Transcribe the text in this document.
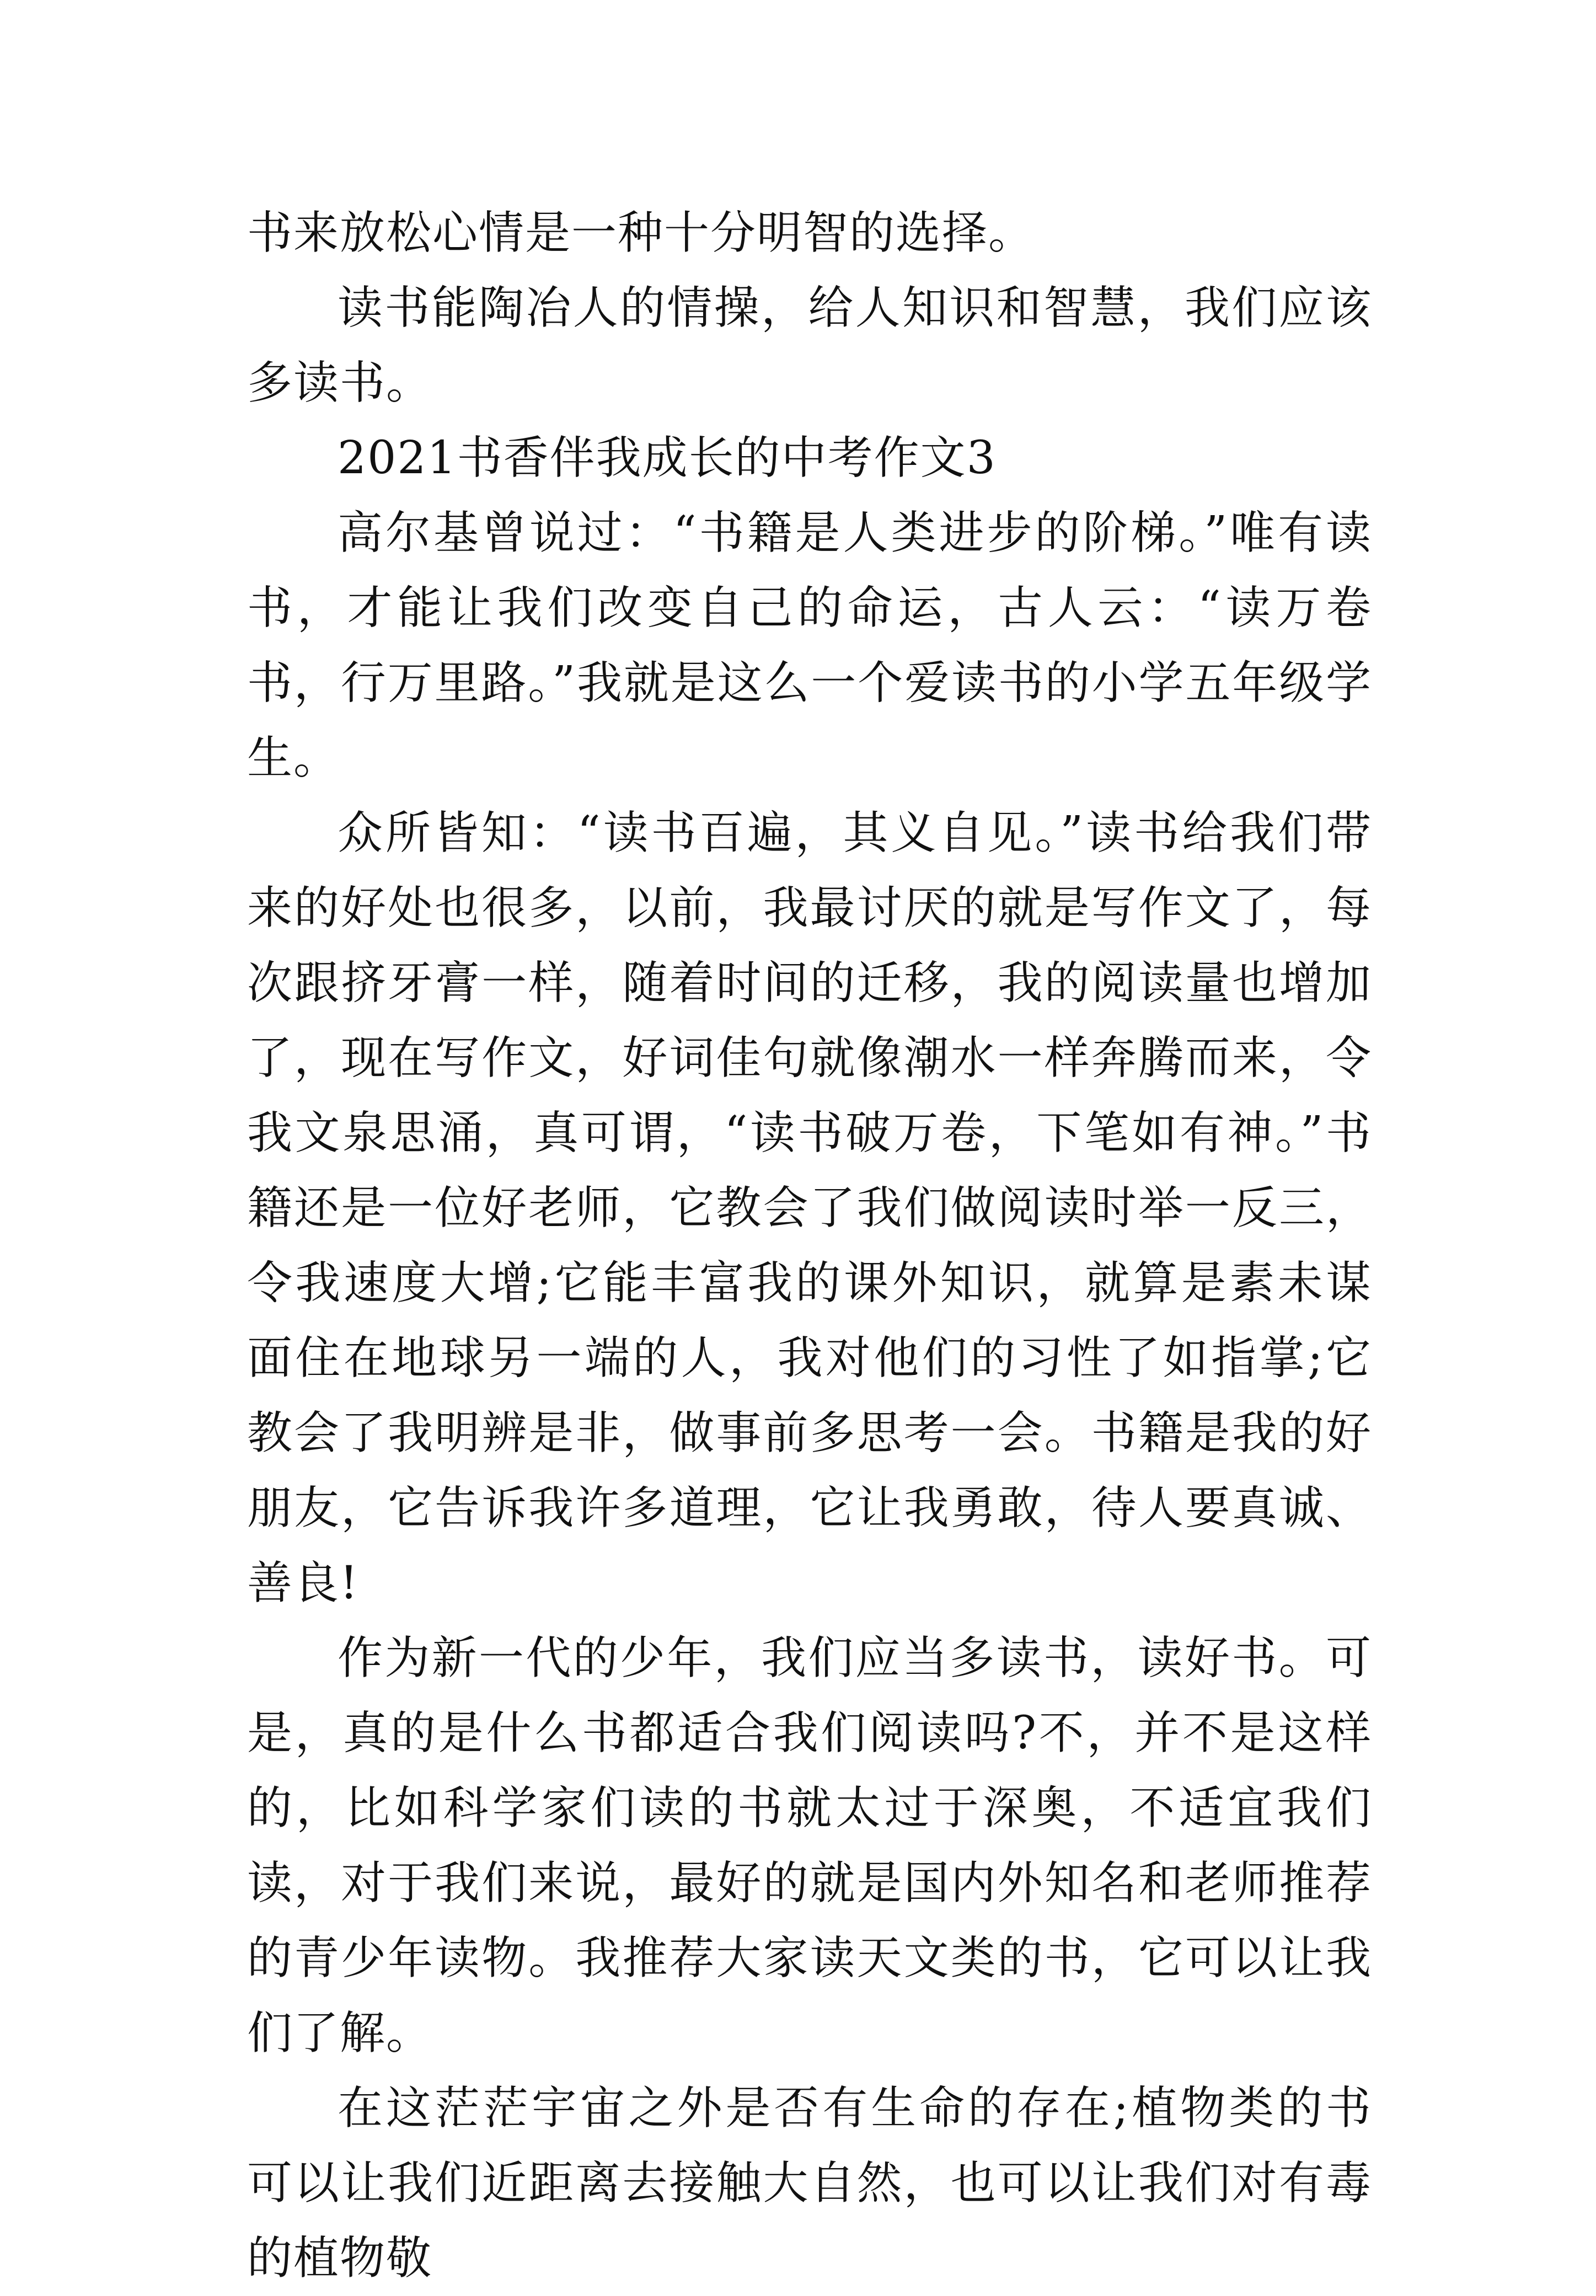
书来放松心情是一种十分明智的选择。

读书能陶冶人的情操，给人知识和智慧，我们应该多读书。

2021书香伴我成长的中考作文3

高尔基曾说过：“书籍是人类进步的阶梯。”唯有读书，才能让我们改变自己的命运，古人云：“读万卷书，行万里路。”我就是这么一个爱读书的小学五年级学生。

众所皆知：“读书百遍，其义自见。”读书给我们带来的好处也很多，以前，我最讨厌的就是写作文了，每次跟挤牙膏一样，随着时间的迁移，我的阅读量也增加了，现在写作文，好词佳句就像潮水一样奔腾而来，令我文泉思涌，真可谓，“读书破万卷，下笔如有神。”书籍还是一位好老师，它教会了我们做阅读时举一反三，令我速度大增;它能丰富我的课外知识，就算是素未谋面住在地球另一端的人，我对他们的习性了如指掌;它教会了我明辨是非，做事前多思考一会。书籍是我的好朋友，它告诉我许多道理，它让我勇敢，待人要真诚、善良!

作为新一代的少年，我们应当多读书，读好书。可是，真的是什么书都适合我们阅读吗?不，并不是这样的，比如科学家们读的书就太过于深奥，不适宜我们读，对于我们来说，最好的就是国内外知名和老师推荐的青少年读物。我推荐大家读天文类的书，它可以让我们了解。

在这茫茫宇宙之外是否有生命的存在;植物类的书可以让我们近距离去接触大自然，也可以让我们对有毒的植物敬
